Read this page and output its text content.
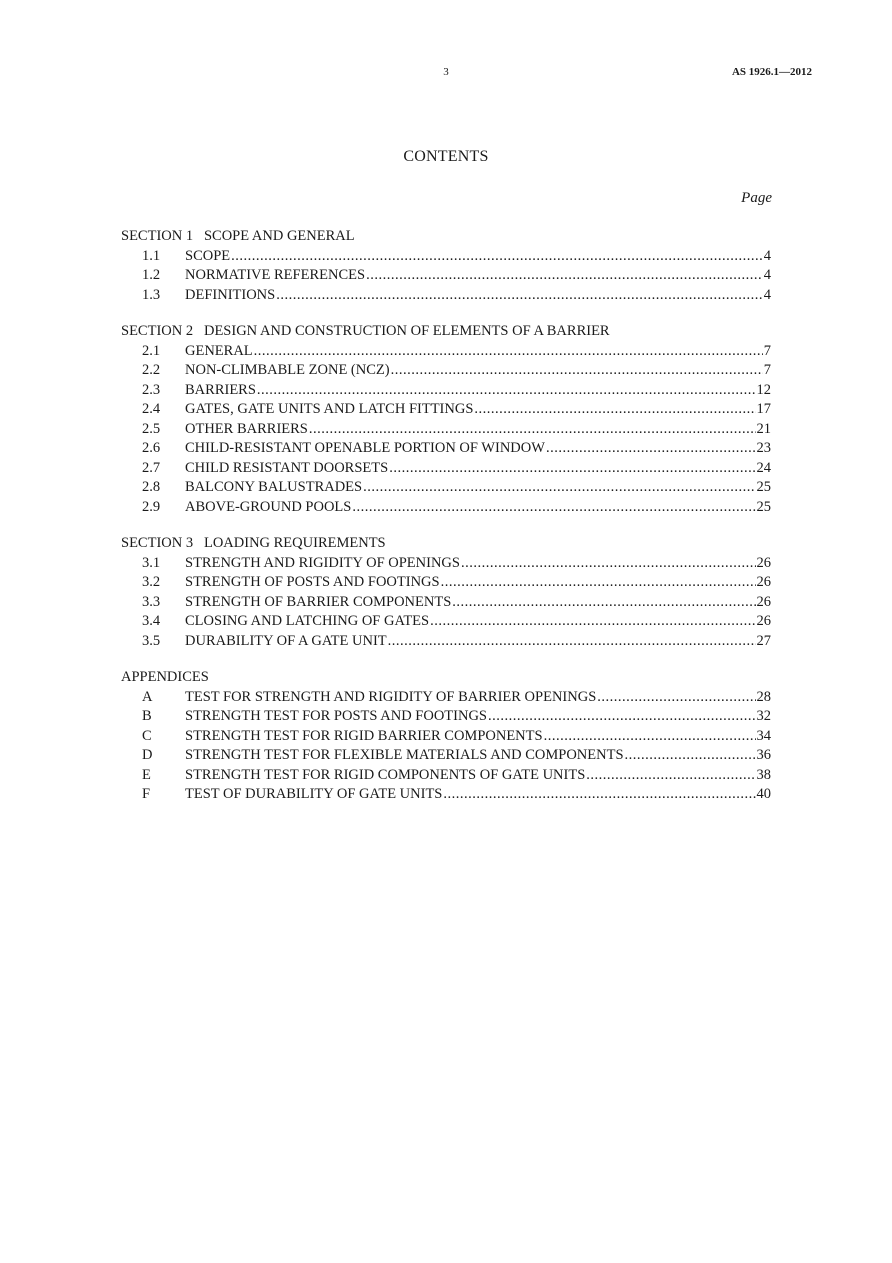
3	AS 1926.1—2012
CONTENTS
Page
SECTION 1   SCOPE AND GENERAL
1.1	SCOPE .....	4
1.2	NORMATIVE REFERENCES .....	4
1.3	DEFINITIONS .....	4
SECTION 2   DESIGN AND CONSTRUCTION OF ELEMENTS OF A BARRIER
2.1	GENERAL .....	7
2.2	NON-CLIMBABLE ZONE (NCZ) .....	7
2.3	BARRIERS .....	12
2.4	GATES, GATE UNITS AND LATCH FITTINGS .....	17
2.5	OTHER BARRIERS .....	21
2.6	CHILD-RESISTANT OPENABLE PORTION OF WINDOW .....	23
2.7	CHILD RESISTANT DOORSETS .....	24
2.8	BALCONY BALUSTRADES .....	25
2.9	ABOVE-GROUND POOLS .....	25
SECTION 3   LOADING REQUIREMENTS
3.1	STRENGTH AND RIGIDITY OF OPENINGS .....	26
3.2	STRENGTH OF POSTS AND FOOTINGS .....	26
3.3	STRENGTH OF BARRIER COMPONENTS .....	26
3.4	CLOSING AND LATCHING OF GATES .....	26
3.5	DURABILITY OF A GATE UNIT .....	27
APPENDICES
A	TEST FOR STRENGTH AND RIGIDITY OF BARRIER OPENINGS .....	28
B	STRENGTH TEST FOR POSTS AND FOOTINGS .....	32
C	STRENGTH TEST FOR RIGID BARRIER COMPONENTS .....	34
D	STRENGTH TEST FOR FLEXIBLE MATERIALS AND COMPONENTS .....	36
E	STRENGTH TEST FOR RIGID COMPONENTS OF GATE UNITS .....	38
F	TEST OF DURABILITY OF GATE UNITS .....	40
